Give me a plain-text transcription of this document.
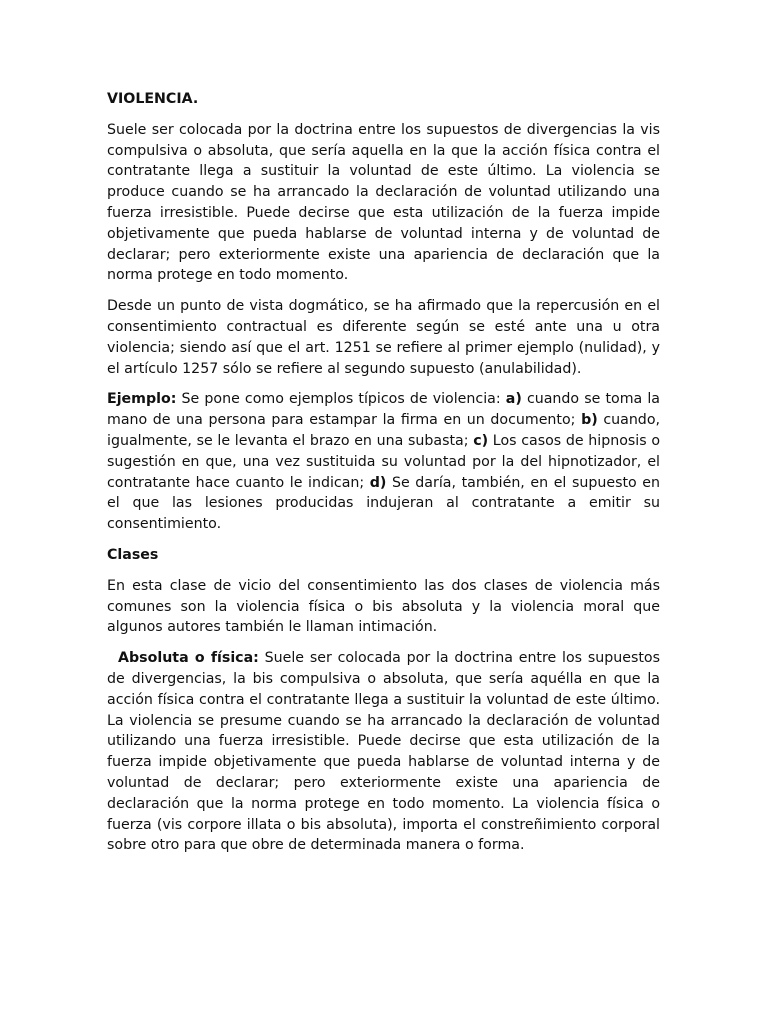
VIOLENCIA.

Suele ser colocada por la doctrina entre los supuestos de divergencias la vis compulsiva o absoluta, que sería aquella en la que la acción física contra el contratante llega a sustituir la voluntad de este último. La violencia se produce cuando se ha arrancado la declaración de voluntad utilizando una fuerza irresistible. Puede decirse que esta utilización de la fuerza impide objetivamente que pueda hablarse de voluntad interna y de voluntad de declarar; pero exteriormente existe una apariencia de declaración que la norma protege en todo momento.

Desde un punto de vista dogmático, se ha afirmado que la repercusión en el consentimiento contractual es diferente según se esté ante una u otra violencia; siendo así que el art. 1251 se refiere al primer ejemplo (nulidad), y el artículo 1257 sólo se refiere al segundo supuesto (anulabilidad).

Ejemplo: Se pone como ejemplos típicos de violencia: a) cuando se toma la mano de una persona para estampar la firma en un documento; b) cuando, igualmente, se le levanta el brazo en una subasta; c) Los casos de hipnosis o sugestión en que, una vez sustituida su voluntad por la del hipnotizador, el contratante hace cuanto le indican; d) Se daría, también, en el supuesto en el que las lesiones producidas indujeran al contratante a emitir su consentimiento.

Clases

En esta clase de vicio del consentimiento las dos clases de violencia más comunes son la violencia física o bis absoluta y la violencia moral que algunos autores también le llaman intimación.

Absoluta o física: Suele ser colocada por la doctrina entre los supuestos de divergencias, la bis compulsiva o absoluta, que sería aquélla en que la acción física contra el contratante llega a sustituir la voluntad de este último. La violencia se presume cuando se ha arrancado la declaración de voluntad utilizando una fuerza irresistible. Puede decirse que esta utilización de la fuerza impide objetivamente que pueda hablarse de voluntad interna y de voluntad de declarar; pero exteriormente existe una apariencia de declaración que la norma protege en todo momento. La violencia física o fuerza (vis corpore illata o bis absoluta), importa el constreñimiento corporal sobre otro para que obre de determinada manera o forma.
